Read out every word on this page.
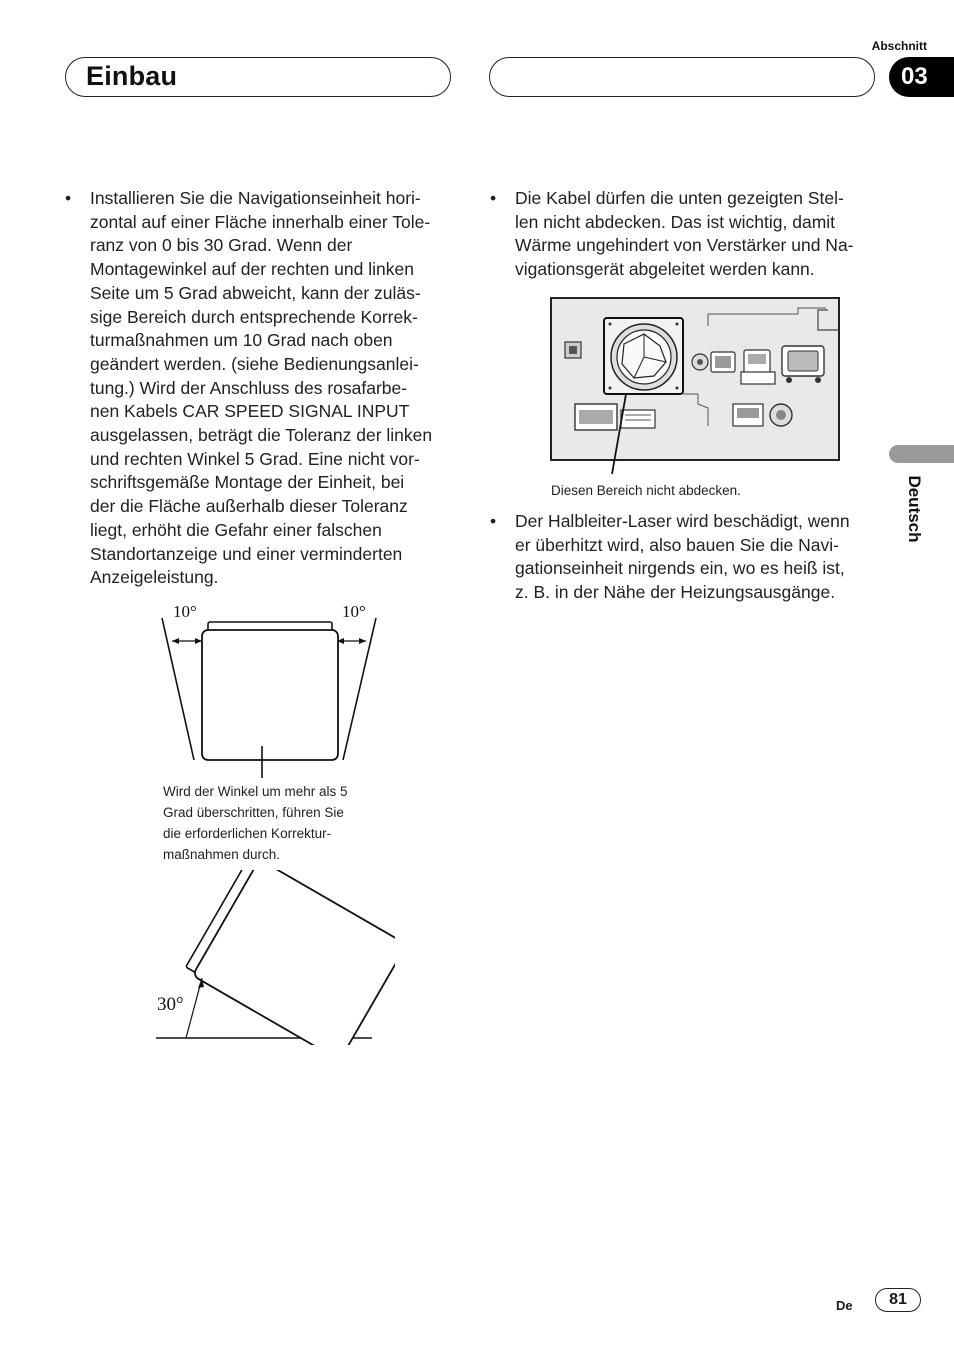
Einbau
Abschnitt
03
Deutsch
• Installieren Sie die Navigationseinheit hori-
zontal auf einer Fläche innerhalb einer Tole-
ranz von 0 bis 30 Grad. Wenn der
Montagewinkel auf der rechten und linken
Seite um 5 Grad abweicht, kann der zuläs-
sige Bereich durch entsprechende Korrek-
turmaßnahmen um 10 Grad nach oben
geändert werden. (siehe Bedienungsanlei-
tung.) Wird der Anschluss des rosafarbe-
nen Kabels CAR SPEED SIGNAL INPUT
ausgelassen, beträgt die Toleranz der linken
und rechten Winkel 5 Grad. Eine nicht vor-
schriftsgemäße Montage der Einheit, bei
der die Fläche außerhalb dieser Toleranz
liegt, erhöht die Gefahr einer falschen
Standortanzeige und einer verminderten
Anzeigeleistung.
10°	10°
Wird der Winkel um mehr als 5
Grad überschritten, führen Sie
die erforderlichen Korrektur-
maßnahmen durch.
30°
• Die Kabel dürfen die unten gezeigten Stel-
len nicht abdecken. Das ist wichtig, damit
Wärme ungehindert von Verstärker und Na-
vigationsgerät abgeleitet werden kann.
Diesen Bereich nicht abdecken.
• Der Halbleiter-Laser wird beschädigt, wenn
er überhitzt wird, also bauen Sie die Navi-
gationseinheit nirgends ein, wo es heiß ist,
z. B. in der Nähe der Heizungsausgänge.
De	81
